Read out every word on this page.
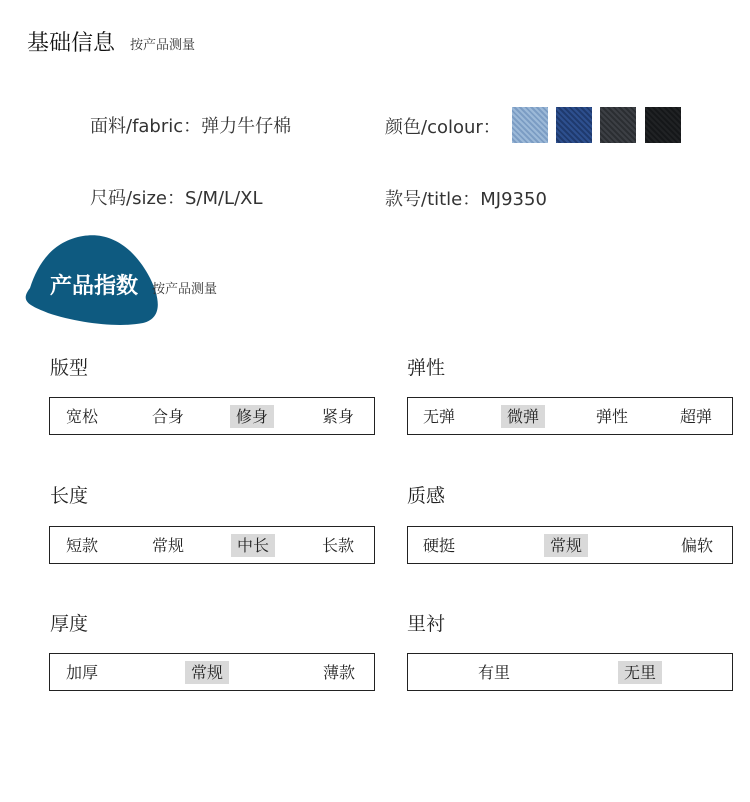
基础信息 按产品测量
面料/fabric：弹力牛仔棉	颜色/colour：
尺码/size：S/M/L/XL	款号/title：MJ9350
产品指数 按产品测量
版型
宽松	合身	修身	紧身
弹性
无弹	微弹	弹性	超弹
长度
短款	常规	中长	长款
质感
硬挺	常规	偏软
厚度
加厚	常规	薄款
里衬
有里	无里
